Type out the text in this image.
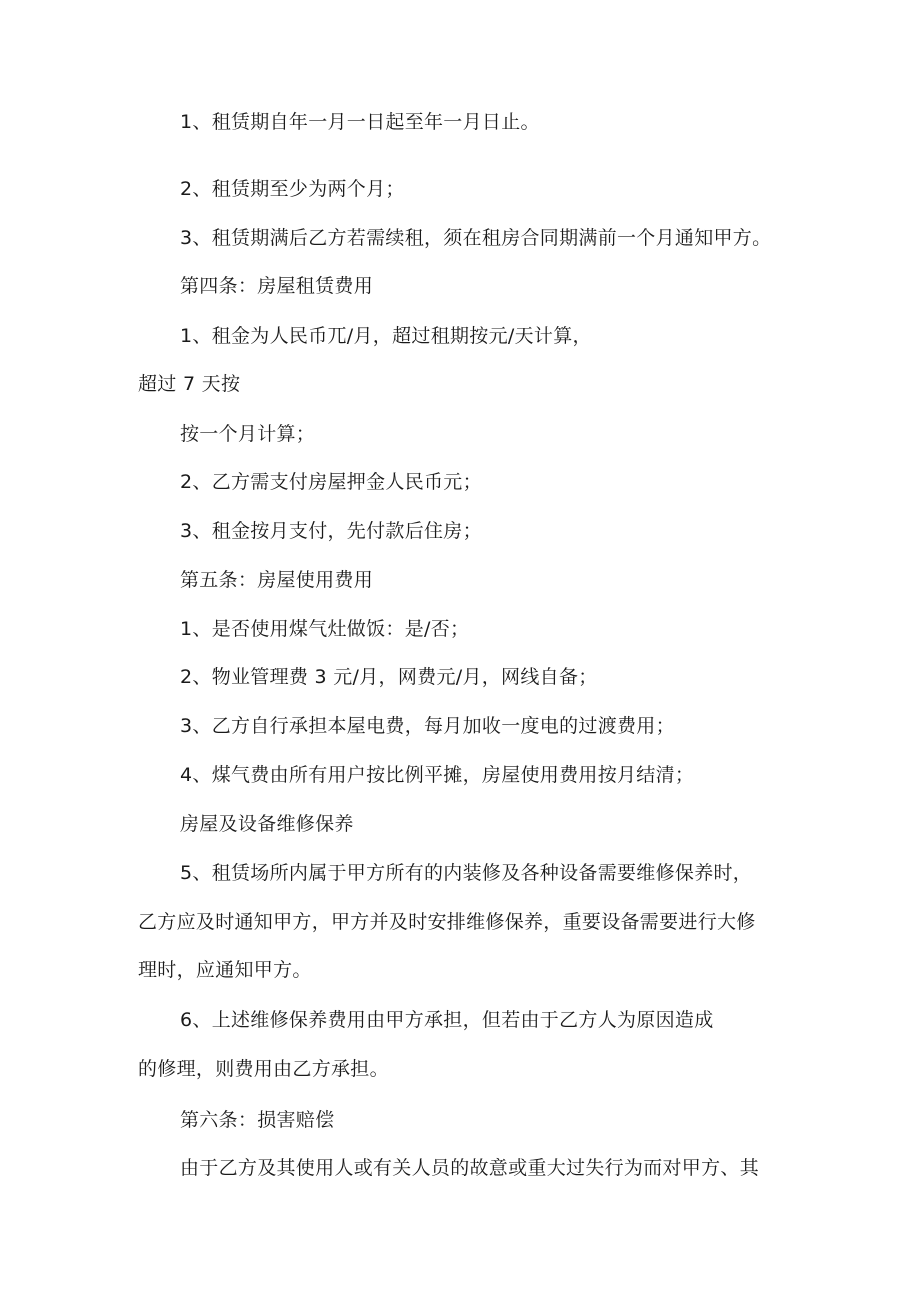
1、租赁期自年一月一日起至年一月日止。
2、租赁期至少为两个月；
3、租赁期满后乙方若需续租，须在租房合同期满前一个月通知甲方。
第四条：房屋租赁费用
1、租金为人民币兀/月，超过租期按元/天计算，
超过 7 天按
按一个月计算；
2、乙方需支付房屋押金人民币元；
3、租金按月支付，先付款后住房；
第五条：房屋使用费用
1、是否使用煤气灶做饭：是/否；
2、物业管理费 3 元/月，网费元/月，网线自备；
3、乙方自行承担本屋电费，每月加收一度电的过渡费用；
4、煤气费由所有用户按比例平摊，房屋使用费用按月结清；
房屋及设备维修保养
5、租赁场所内属于甲方所有的内装修及各种设备需要维修保养时，
乙方应及时通知甲方，甲方并及时安排维修保养，重要设备需要进行大修
理时，应通知甲方。
6、上述维修保养费用由甲方承担，但若由于乙方人为原因造成
的修理，则费用由乙方承担。
第六条：损害赔偿
由于乙方及其使用人或有关人员的故意或重大过失行为而对甲方、其
